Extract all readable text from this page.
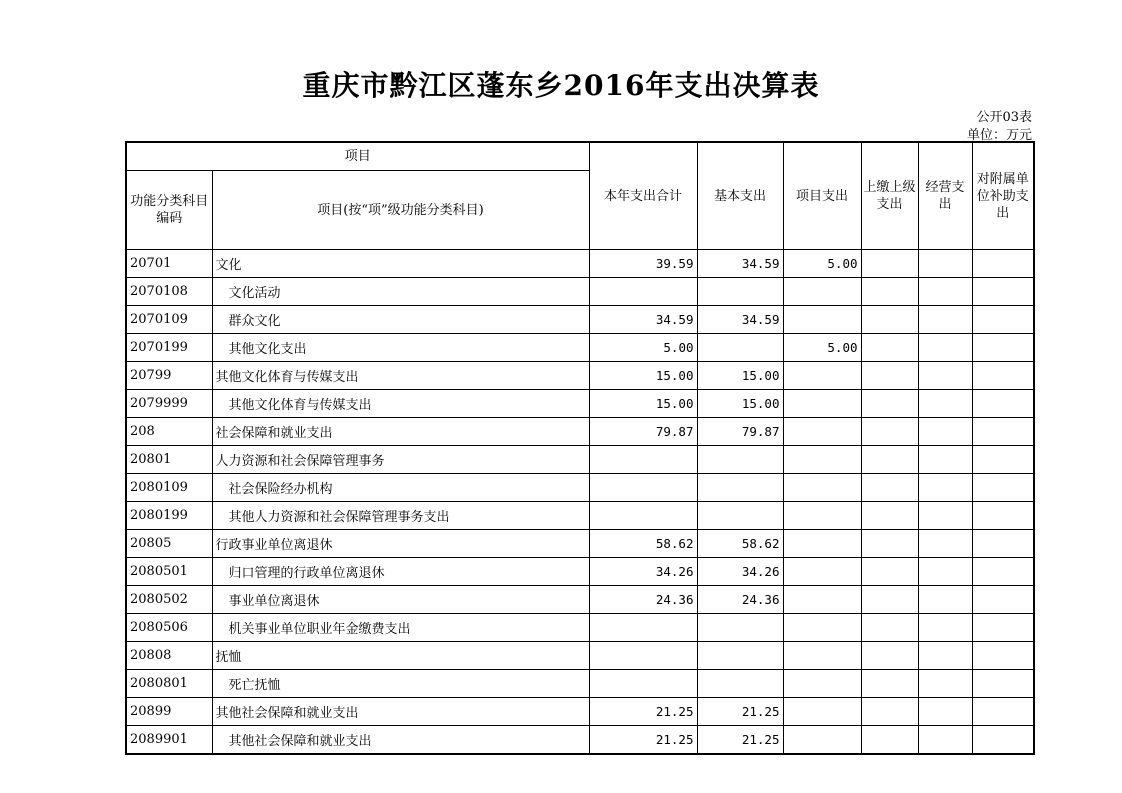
重庆市黔江区蓬东乡2016年支出决算表
公开03表
单位：万元
项目		本年支出合计	基本支出	项目支出	上缴上级支出	经营支出	对附属单位补助支出
功能分类科目编码	项目(按“项”级功能分类科目)						
20701	文化	39.59	34.59	5.00			
2070108	文化活动						
2070109	群众文化	34.59	34.59				
2070199	其他文化支出	5.00		5.00			
20799	其他文化体育与传媒支出	15.00	15.00				
2079999	其他文化体育与传媒支出	15.00	15.00				
208	社会保障和就业支出	79.87	79.87				
20801	人力资源和社会保障管理事务						
2080109	社会保险经办机构						
2080199	其他人力资源和社会保障管理事务支出						
20805	行政事业单位离退休	58.62	58.62				
2080501	归口管理的行政单位离退休	34.26	34.26				
2080502	事业单位离退休	24.36	24.36				
2080506	机关事业单位职业年金缴费支出						
20808	抚恤						
2080801	死亡抚恤						
20899	其他社会保障和就业支出	21.25	21.25				
2089901	其他社会保障和就业支出	21.25	21.25				
